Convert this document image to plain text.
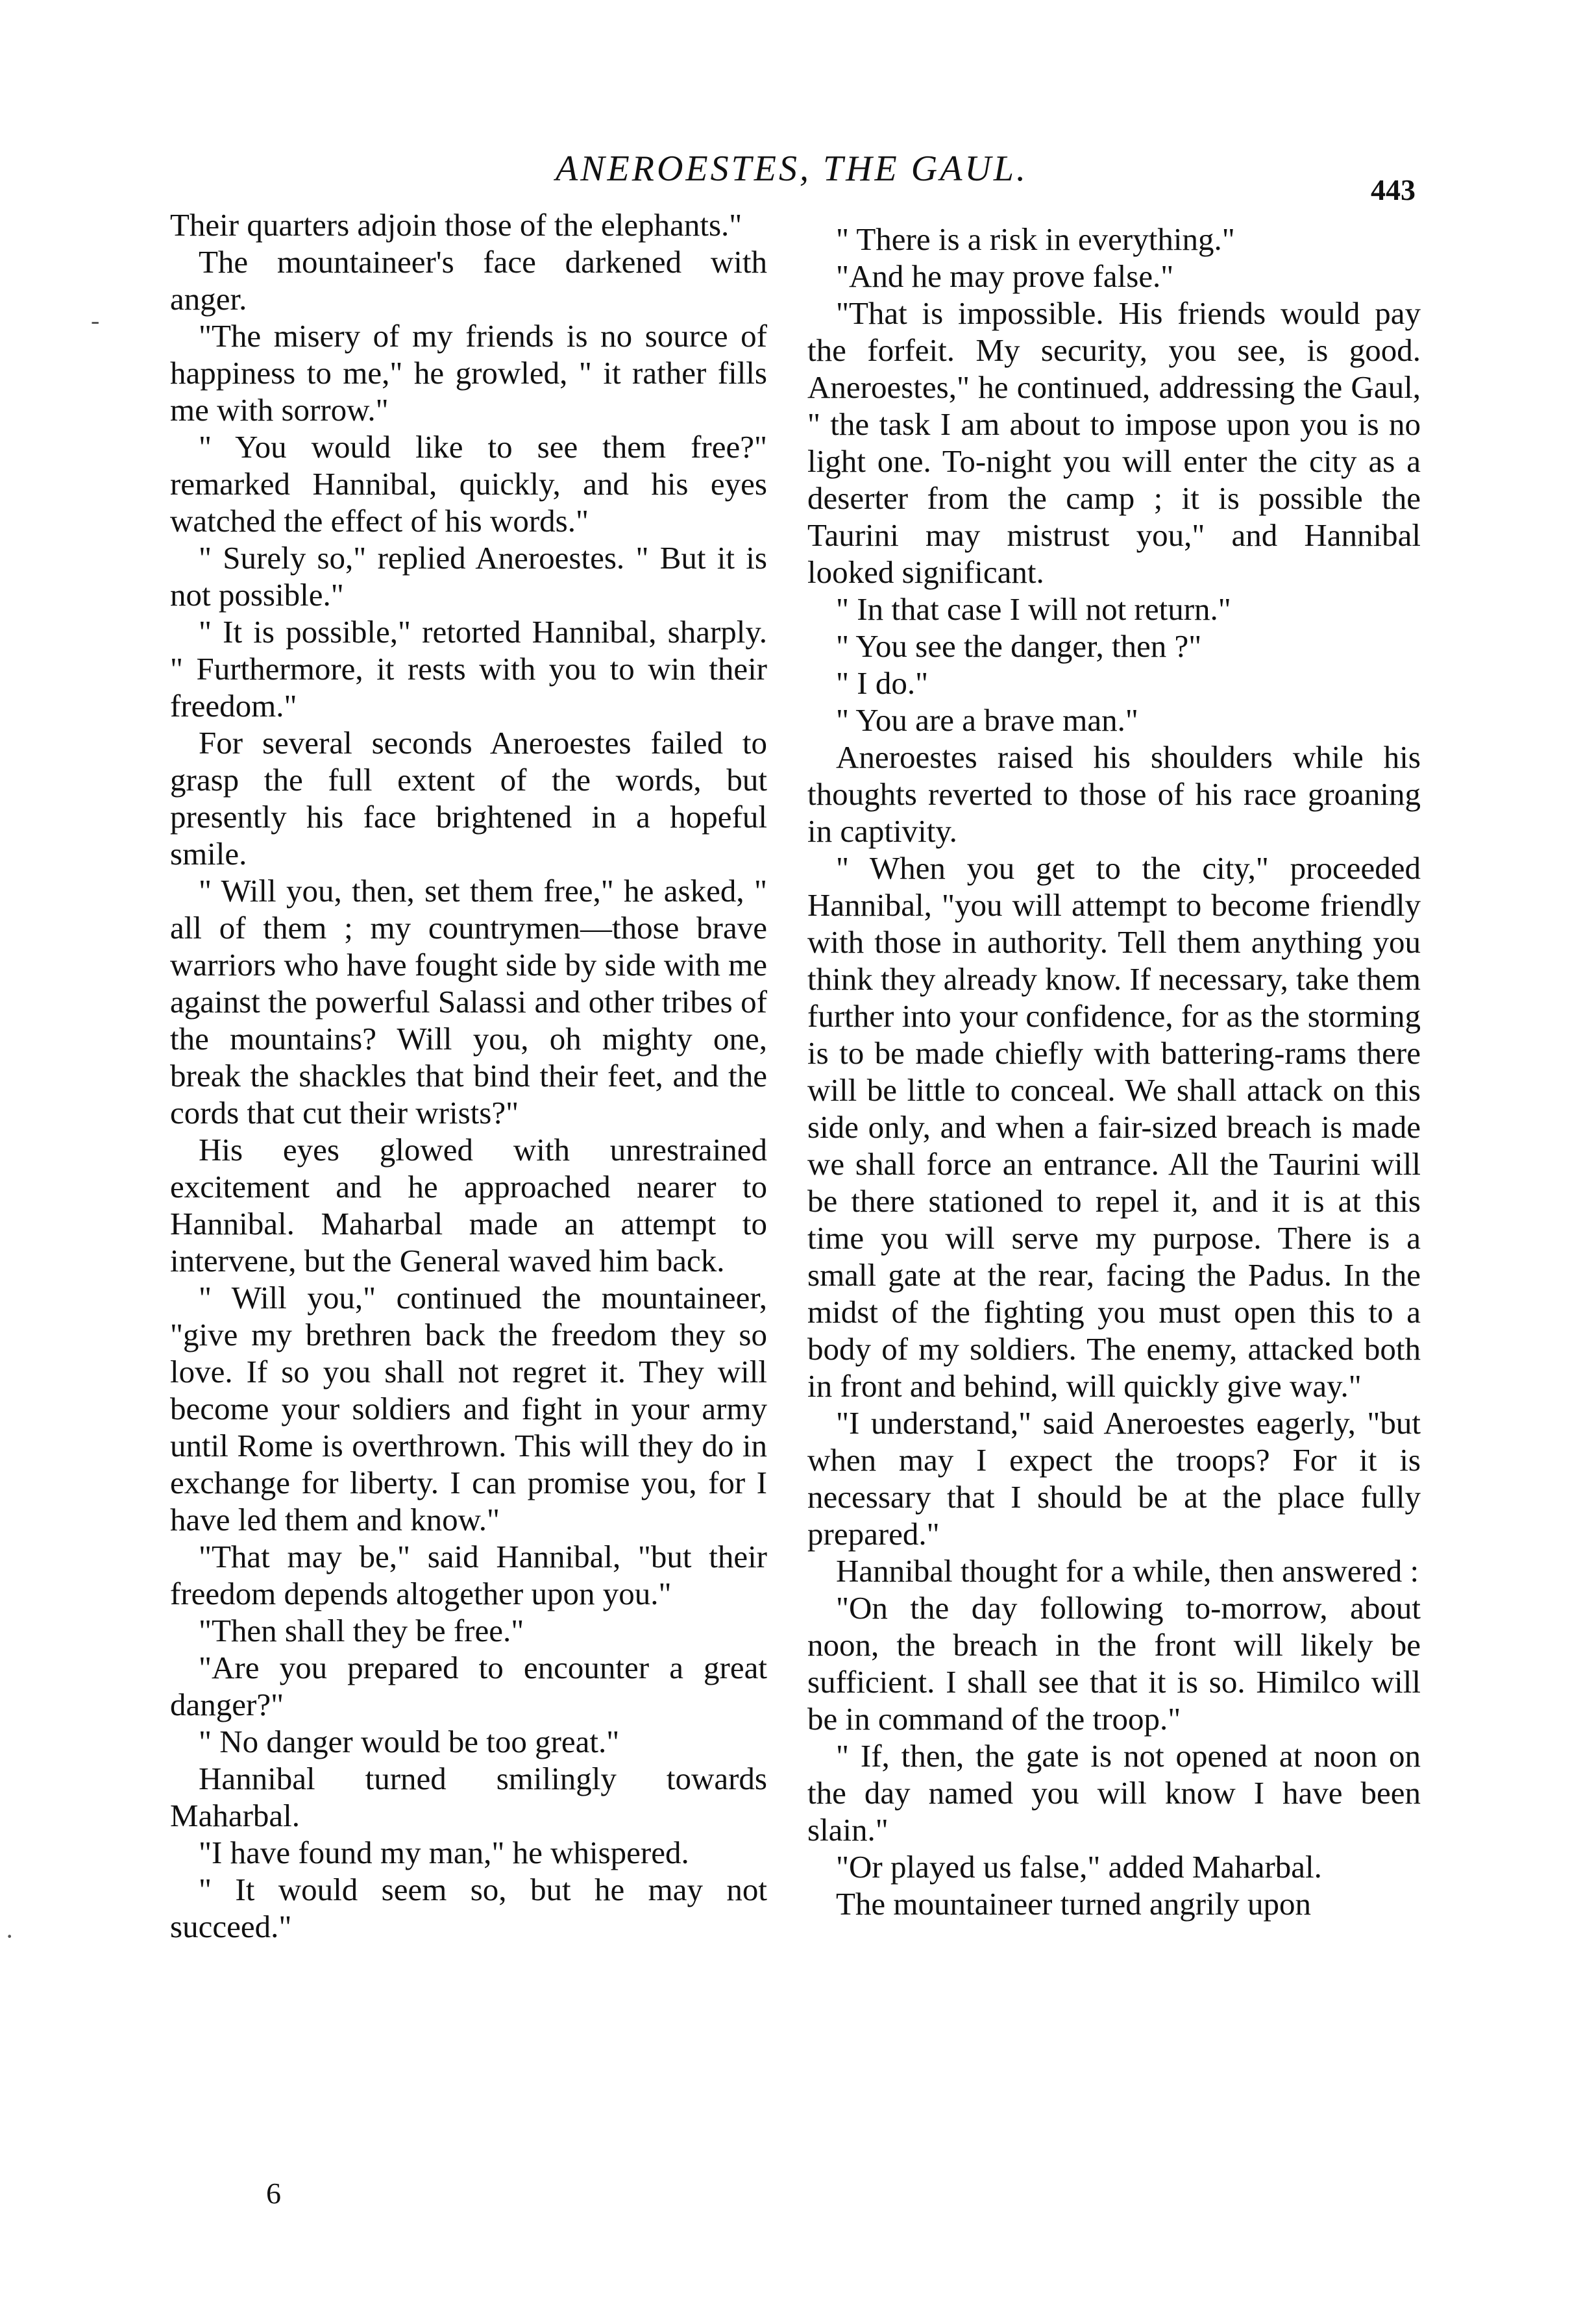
ANEROESTES, THE GAUL.
443

Their quarters adjoin those of the elephants."

The mountaineer's face darkened with anger.

"The misery of my friends is no source of happiness to me," he growled, " it rather fills me with sorrow."

" You would like to see them free?" remarked Hannibal, quickly, and his eyes watched the effect of his words."

" Surely so," replied Aneroestes. " But it is not possible."

" It is possible," retorted Hannibal, sharply. " Furthermore, it rests with you to win their freedom."

For several seconds Aneroestes failed to grasp the full extent of the words, but presently his face brightened in a hopeful smile.

" Will you, then, set them free," he asked, " all of them ; my countrymen—those brave warriors who have fought side by side with me against the powerful Salassi and other tribes of the mountains? Will you, oh mighty one, break the shackles that bind their feet, and the cords that cut their wrists?"

His eyes glowed with unrestrained excitement and he approached nearer to Hannibal. Maharbal made an attempt to intervene, but the General waved him back.

" Will you," continued the mountaineer, "give my brethren back the freedom they so love. If so you shall not regret it. They will become your soldiers and fight in your army until Rome is overthrown. This will they do in exchange for liberty. I can promise you, for I have led them and know."

"That may be," said Hannibal, "but their freedom depends altogether upon you."

"Then shall they be free."

"Are you prepared to encounter a great danger?"

" No danger would be too great."

Hannibal turned smilingly towards Maharbal.

"I have found my man," he whispered.

" It would seem so, but he may not succeed."

" There is a risk in everything."

"And he may prove false."

"That is impossible. His friends would pay the forfeit. My security, you see, is good. Aneroestes," he continued, addressing the Gaul, " the task I am about to impose upon you is no light one. To-night you will enter the city as a deserter from the camp ; it is possible the Taurini may mistrust you," and Hannibal looked significant.

" In that case I will not return."

" You see the danger, then ?"

" I do."

" You are a brave man."

Aneroestes raised his shoulders while his thoughts reverted to those of his race groaning in captivity.

" When you get to the city," proceeded Hannibal, "you will attempt to become friendly with those in authority. Tell them anything you think they already know. If necessary, take them further into your confidence, for as the storming is to be made chiefly with battering-rams there will be little to conceal. We shall attack on this side only, and when a fair-sized breach is made we shall force an entrance. All the Taurini will be there stationed to repel it, and it is at this time you will serve my purpose. There is a small gate at the rear, facing the Padus. In the midst of the fighting you must open this to a body of my soldiers. The enemy, attacked both in front and behind, will quickly give way."

"I understand," said Aneroestes eagerly, "but when may I expect the troops? For it is necessary that I should be at the place fully prepared."

Hannibal thought for a while, then answered :

"On the day following to-morrow, about noon, the breach in the front will likely be sufficient. I shall see that it is so. Himilco will be in command of the troop."

" If, then, the gate is not opened at noon on the day named you will know I have been slain."

"Or played us false," added Maharbal.

The mountaineer turned angrily upon

6
-
·
